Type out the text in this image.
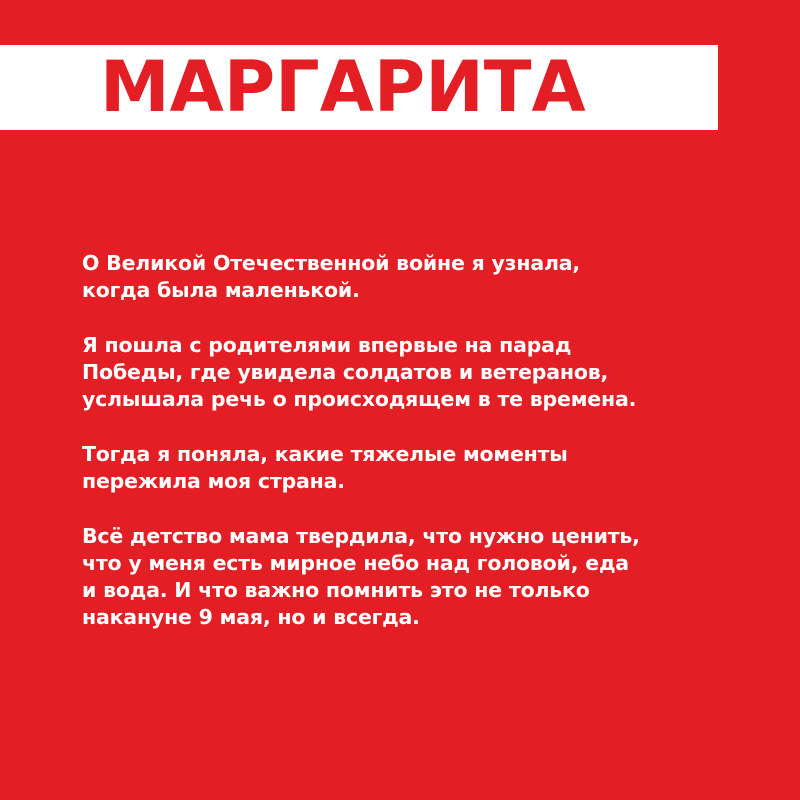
МАРГАРИТА

О Великой Отечественной войне я узнала,
когда была маленькой.

Я пошла с родителями впервые на парад
Победы, где увидела солдатов и ветеранов,
услышала речь о происходящем в те времена.

Тогда я поняла, какие тяжелые моменты
пережила моя страна.

Всё детство мама твердила, что нужно ценить,
что у меня есть мирное небо над головой, еда
и вода. И что важно помнить это не только
накануне 9 мая, но и всегда.
